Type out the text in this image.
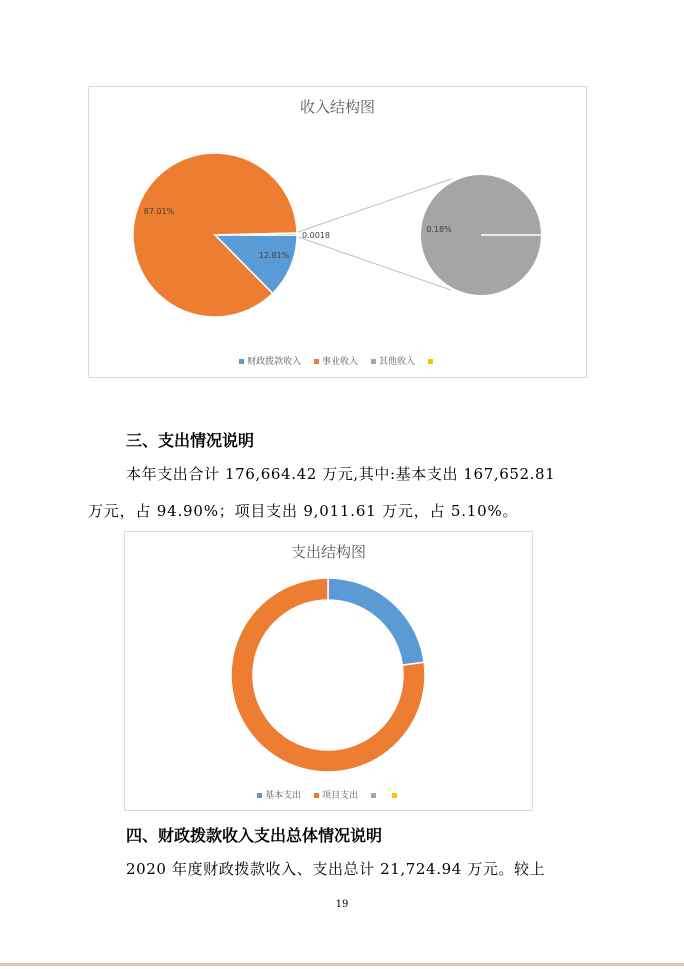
收入结构图
0.18%
12.81%
87.01%
0.0018
财政拨款收入 事业收入 其他收入
三、支出情况说明
本年支出合计 176,664.42 万元,其中:基本支出 167,652.81
万元，占 94.90%；项目支出 9,011.61 万元，占 5.10%。
支出结构图
基本支出 项目支出
四、财政拨款收入支出总体情况说明
2020 年度财政拨款收入、支出总计 21,724.94 万元。较上
19
